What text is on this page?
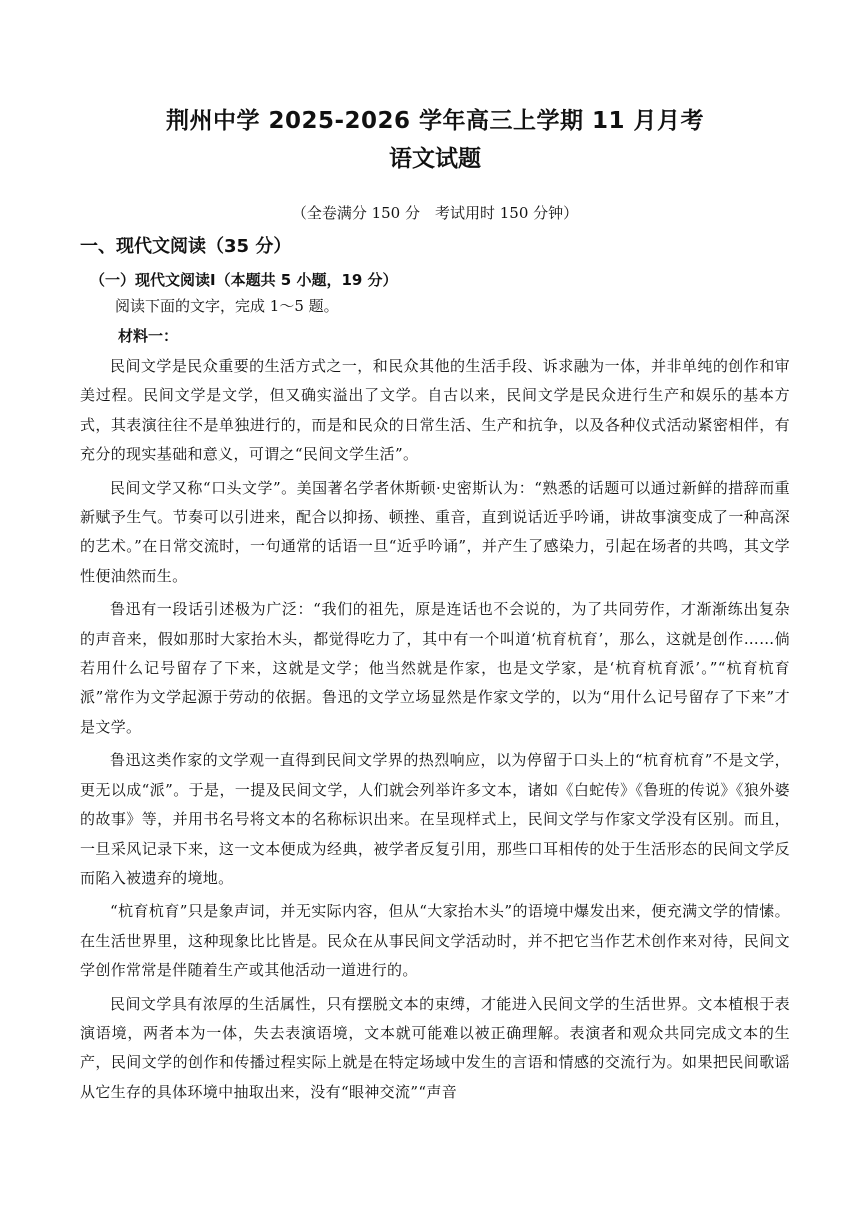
荆州中学 2025-2026 学年高三上学期 11 月月考
语文试题

（全卷满分 150 分　考试用时 150 分钟）

一、现代文阅读（35 分）

（一）现代文阅读Ⅰ（本题共 5 小题，19 分）

阅读下面的文字，完成 1～5 题。

材料一：

民间文学是民众重要的生活方式之一，和民众其他的生活手段、诉求融为一体，并非单纯的创作和审美过程。民间文学是文学，但又确实溢出了文学。自古以来，民间文学是民众进行生产和娱乐的基本方式，其表演往往不是单独进行的，而是和民众的日常生活、生产和抗争，以及各种仪式活动紧密相伴，有充分的现实基础和意义，可谓之“民间文学生活”。

民间文学又称“口头文学”。美国著名学者休斯顿·史密斯认为：“熟悉的话题可以通过新鲜的措辞而重新赋予生气。节奏可以引进来，配合以抑扬、顿挫、重音，直到说话近乎吟诵，讲故事演变成了一种高深的艺术。”在日常交流时，一句通常的话语一旦“近乎吟诵”，并产生了感染力，引起在场者的共鸣，其文学性便油然而生。

鲁迅有一段话引述极为广泛：“我们的祖先，原是连话也不会说的，为了共同劳作，才渐渐练出复杂的声音来，假如那时大家抬木头，都觉得吃力了，其中有一个叫道‘杭育杭育’，那么，这就是创作……倘若用什么记号留存了下来，这就是文学；他当然就是作家，也是文学家，是‘杭育杭育派’。”“杭育杭育派”常作为文学起源于劳动的依据。鲁迅的文学立场显然是作家文学的，以为“用什么记号留存了下来”才是文学。

鲁迅这类作家的文学观一直得到民间文学界的热烈响应，以为停留于口头上的“杭育杭育”不是文学，更无以成“派”。于是，一提及民间文学，人们就会列举许多文本，诸如《白蛇传》《鲁班的传说》《狼外婆的故事》等，并用书名号将文本的名称标识出来。在呈现样式上，民间文学与作家文学没有区别。而且，一旦采风记录下来，这一文本便成为经典，被学者反复引用，那些口耳相传的处于生活形态的民间文学反而陷入被遗弃的境地。

“杭育杭育”只是象声词，并无实际内容，但从“大家抬木头”的语境中爆发出来，便充满文学的情愫。在生活世界里，这种现象比比皆是。民众在从事民间文学活动时，并不把它当作艺术创作来对待，民间文学创作常常是伴随着生产或其他活动一道进行的。

民间文学具有浓厚的生活属性，只有摆脱文本的束缚，才能进入民间文学的生活世界。文本植根于表演语境，两者本为一体，失去表演语境，文本就可能难以被正确理解。表演者和观众共同完成文本的生产，民间文学的创作和传播过程实际上就是在特定场域中发生的言语和情感的交流行为。如果把民间歌谣从它生存的具体环境中抽取出来，没有“眼神交流”“声音
